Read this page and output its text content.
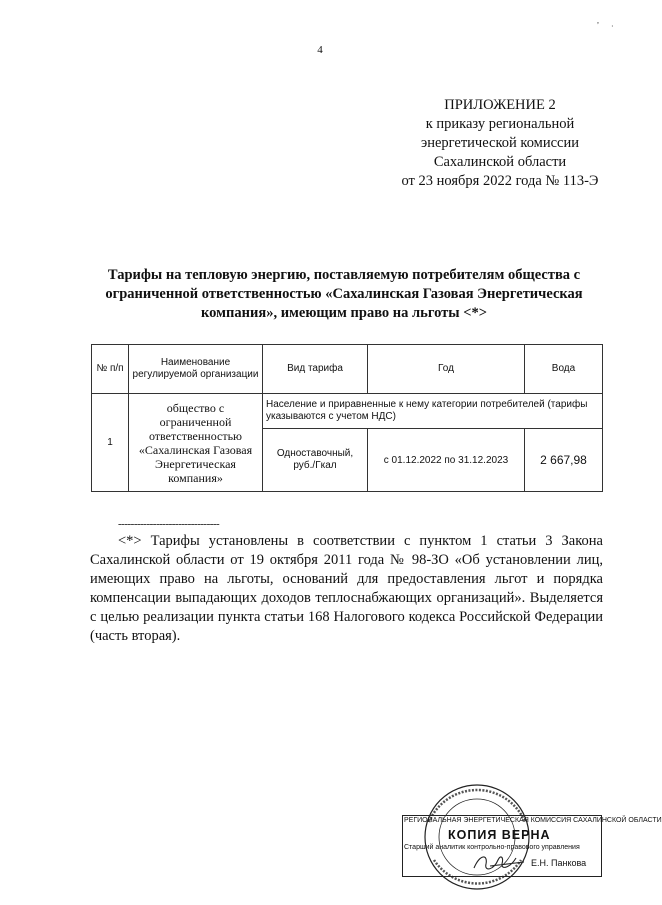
4
ПРИЛОЖЕНИЕ 2
к приказу региональной
энергетической комиссии
Сахалинской области
от 23 ноября 2022 года № 113-Э
Тарифы на тепловую энергию, поставляемую потребителям общества с
ограниченной ответственностью «Сахалинская Газовая Энергетическая
компания», имеющим право на льготы <*>
№ п/п	Наименование регулируемой организации	Вид тарифа	Год	Вода
1	общество с ограниченной ответственностью «Сахалинская Газовая Энергетическая компания»	Население и приравненные к нему категории потребителей (тарифы указываются с учетом НДС)		
		Одноставочный, руб./Гкал	с 01.12.2022 по 31.12.2023	2 667,98
--------------------------------
<*> Тарифы установлены в соответствии с пунктом 1 статьи 3 Закона Сахалинской области от 19 октября 2011 года № 98-ЗО «Об установлении лиц, имеющих право на льготы, оснований для предоставления льгот и порядка компенсации выпадающих доходов теплоснабжающих организаций». Выделяется с целью реализации пункта статьи 168 Налогового кодекса Российской Федерации (часть вторая).
РЕГИОНАЛЬНАЯ ЭНЕРГЕТИЧЕСКАЯ КОМИССИЯ САХАЛИНСКОЙ ОБЛАСТИ
КОПИЯ ВЕРНА
Старший аналитик контрольно-правового управления
Е.Н. Панкова
,
·
